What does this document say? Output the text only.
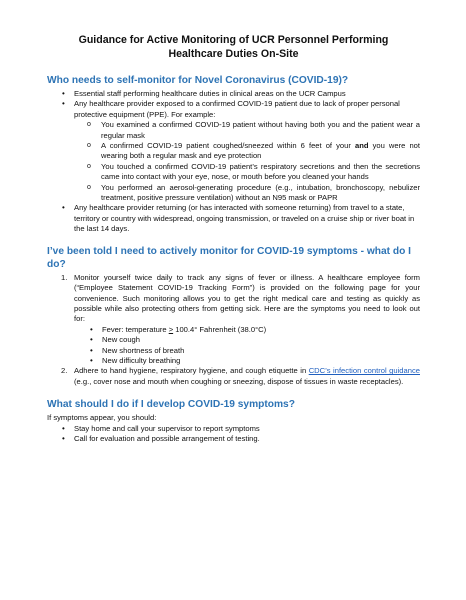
Guidance for Active Monitoring of UCR Personnel Performing
Healthcare Duties On-Site
Who needs to self-monitor for Novel Coronavirus (COVID-19)?
• Essential staff performing healthcare duties in clinical areas on the UCR Campus
• Any healthcare provider exposed to a confirmed COVID-19 patient due to lack of proper personal protective equipment (PPE). For example:
o You examined a confirmed COVID-19 patient without having both you and the patient wear a regular mask
o A confirmed COVID-19 patient coughed/sneezed within 6 feet of your and you were not wearing both a regular mask and eye protection
o You touched a confirmed COVID-19 patient’s respiratory secretions and then the secretions came into contact with your eye, nose, or mouth before you cleaned your hands
o You performed an aerosol-generating procedure (e.g., intubation, bronchoscopy, nebulizer treatment, positive pressure ventilation) without an N95 mask or PAPR
• Any healthcare provider returning (or has interacted with someone returning) from travel to a state, territory or country with widespread, ongoing transmission, or traveled on a cruise ship or river boat in the last 14 days.
I’ve been told I need to actively monitor for COVID-19 symptoms - what do I do?
1. Monitor yourself twice daily to track any signs of fever or illness. A healthcare employee form (“Employee Statement COVID-19 Tracking Form”) is provided on the following page for your convenience. Such monitoring allows you to get the right medical care and testing as quickly as possible while also protecting others from getting sick. Here are the symptoms you need to look out for:
• Fever: temperature ≥ 100.4° Fahrenheit (38.0°C)
• New cough
• New shortness of breath
• New difficulty breathing
2. Adhere to hand hygiene, respiratory hygiene, and cough etiquette in CDC’s infection control guidance (e.g., cover nose and mouth when coughing or sneezing, dispose of tissues in waste receptacles).
What should I do if I develop COVID-19 symptoms?

If symptoms appear, you should:

• Stay home and call your supervisor to report symptoms
• Call for evaluation and possible arrangement of testing.
